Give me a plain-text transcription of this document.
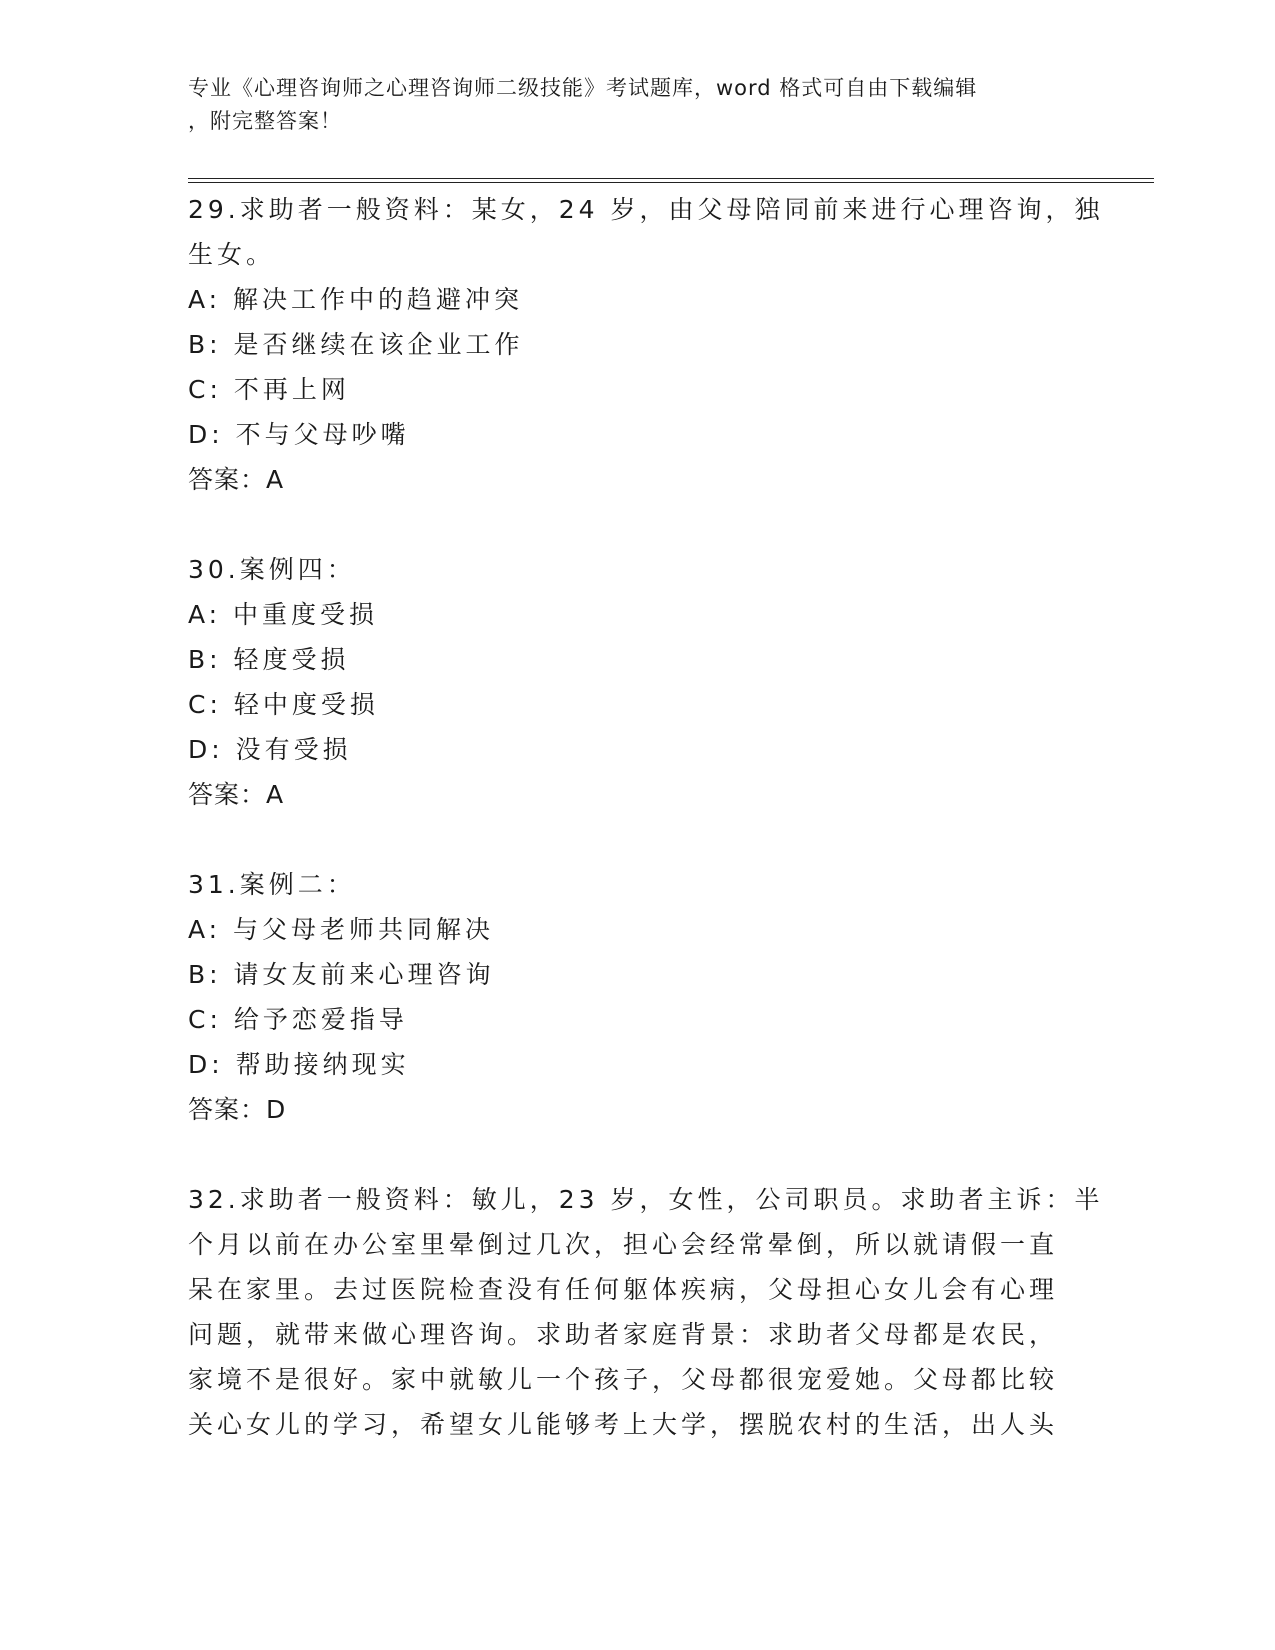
专业《心理咨询师之心理咨询师二级技能》考试题库，word 格式可自由下载编辑
，附完整答案！
29.求助者一般资料：某女，24 岁，由父母陪同前来进行心理咨询，独
生女。
A: 解决工作中的趋避冲突
B: 是否继续在该企业工作
C: 不再上网
D: 不与父母吵嘴
答案：A
30.案例四：
A: 中重度受损
B: 轻度受损
C: 轻中度受损
D: 没有受损
答案：A
31.案例二：
A: 与父母老师共同解决
B: 请女友前来心理咨询
C: 给予恋爱指导
D: 帮助接纳现实
答案：D
32.求助者一般资料：敏儿，23 岁，女性，公司职员。求助者主诉：半
个月以前在办公室里晕倒过几次，担心会经常晕倒，所以就请假一直
呆在家里。去过医院检查没有任何躯体疾病，父母担心女儿会有心理
问题，就带来做心理咨询。求助者家庭背景：求助者父母都是农民，
家境不是很好。家中就敏儿一个孩子，父母都很宠爱她。父母都比较
关心女儿的学习，希望女儿能够考上大学，摆脱农村的生活，出人头
